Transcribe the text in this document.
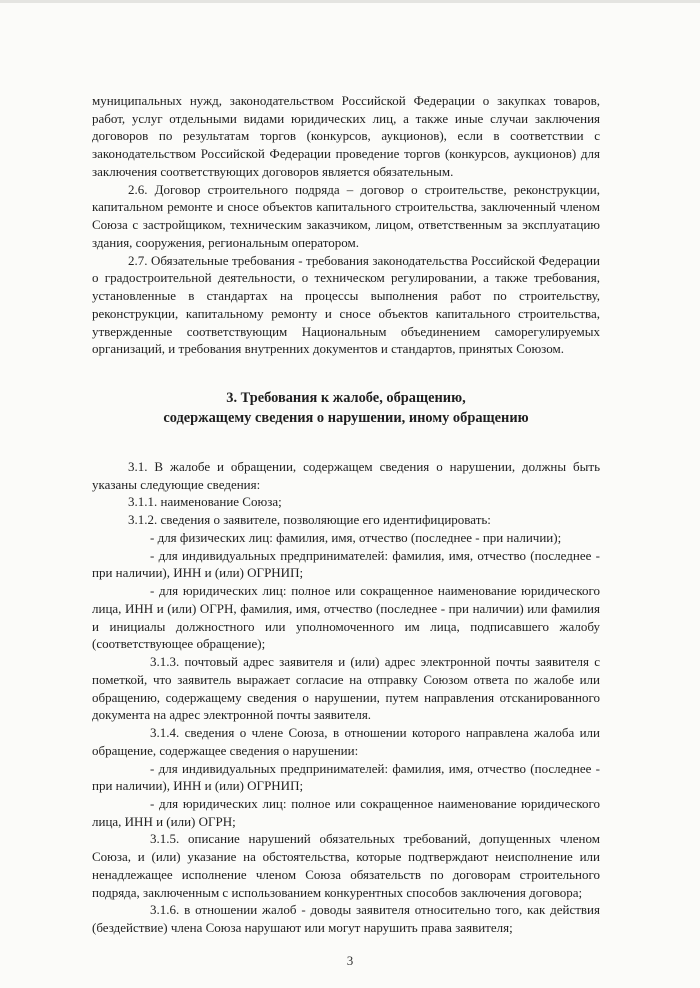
муниципальных нужд, законодательством Российской Федерации о закупках товаров, работ, услуг отдельными видами юридических лиц, а также иные случаи заключения договоров по результатам торгов (конкурсов, аукционов), если в соответствии с законодательством Российской Федерации проведение торгов (конкурсов, аукционов) для заключения соответствующих договоров является обязательным.

2.6. Договор строительного подряда – договор о строительстве, реконструкции, капитальном ремонте и сносе объектов капитального строительства, заключенный членом Союза с застройщиком, техническим заказчиком, лицом, ответственным за эксплуатацию здания, сооружения, региональным оператором.

2.7. Обязательные требования - требования законодательства Российской Федерации о градостроительной деятельности, о техническом регулировании, а также требования, установленные в стандартах на процессы выполнения работ по строительству, реконструкции, капитальному ремонту и сносе объектов капитального строительства, утвержденные соответствующим Национальным объединением саморегулируемых организаций, и требования внутренних документов и стандартов, принятых Союзом.

3. Требования к жалобе, обращению,
содержащему сведения о нарушении, иному обращению

3.1. В жалобе и обращении, содержащем сведения о нарушении, должны быть указаны следующие сведения:

3.1.1. наименование Союза;

3.1.2. сведения о заявителе, позволяющие его идентифицировать:

- для физических лиц: фамилия, имя, отчество (последнее - при наличии);

- для индивидуальных предпринимателей: фамилия, имя, отчество (последнее - при наличии), ИНН и (или) ОГРНИП;

- для юридических лиц: полное или сокращенное наименование юридического лица, ИНН и (или) ОГРН, фамилия, имя, отчество (последнее - при наличии) или фамилия и инициалы должностного или уполномоченного им лица, подписавшего жалобу (соответствующее обращение);

3.1.3. почтовый адрес заявителя и (или) адрес электронной почты заявителя с пометкой, что заявитель выражает согласие на отправку Союзом ответа по жалобе или обращению, содержащему сведения о нарушении, путем направления отсканированного документа на адрес электронной почты заявителя.

3.1.4. сведения о члене Союза, в отношении которого направлена жалоба или обращение, содержащее сведения о нарушении:

- для индивидуальных предпринимателей: фамилия, имя, отчество (последнее - при наличии), ИНН и (или) ОГРНИП;

- для юридических лиц: полное или сокращенное наименование юридического лица, ИНН и (или) ОГРН;

3.1.5. описание нарушений обязательных требований, допущенных членом Союза, и (или) указание на обстоятельства, которые подтверждают неисполнение или ненадлежащее исполнение членом Союза обязательств по договорам строительного подряда, заключенным с использованием конкурентных способов заключения договора;

3.1.6. в отношении жалоб - доводы заявителя относительно того, как действия (бездействие) члена Союза нарушают или могут нарушить права заявителя;

3
